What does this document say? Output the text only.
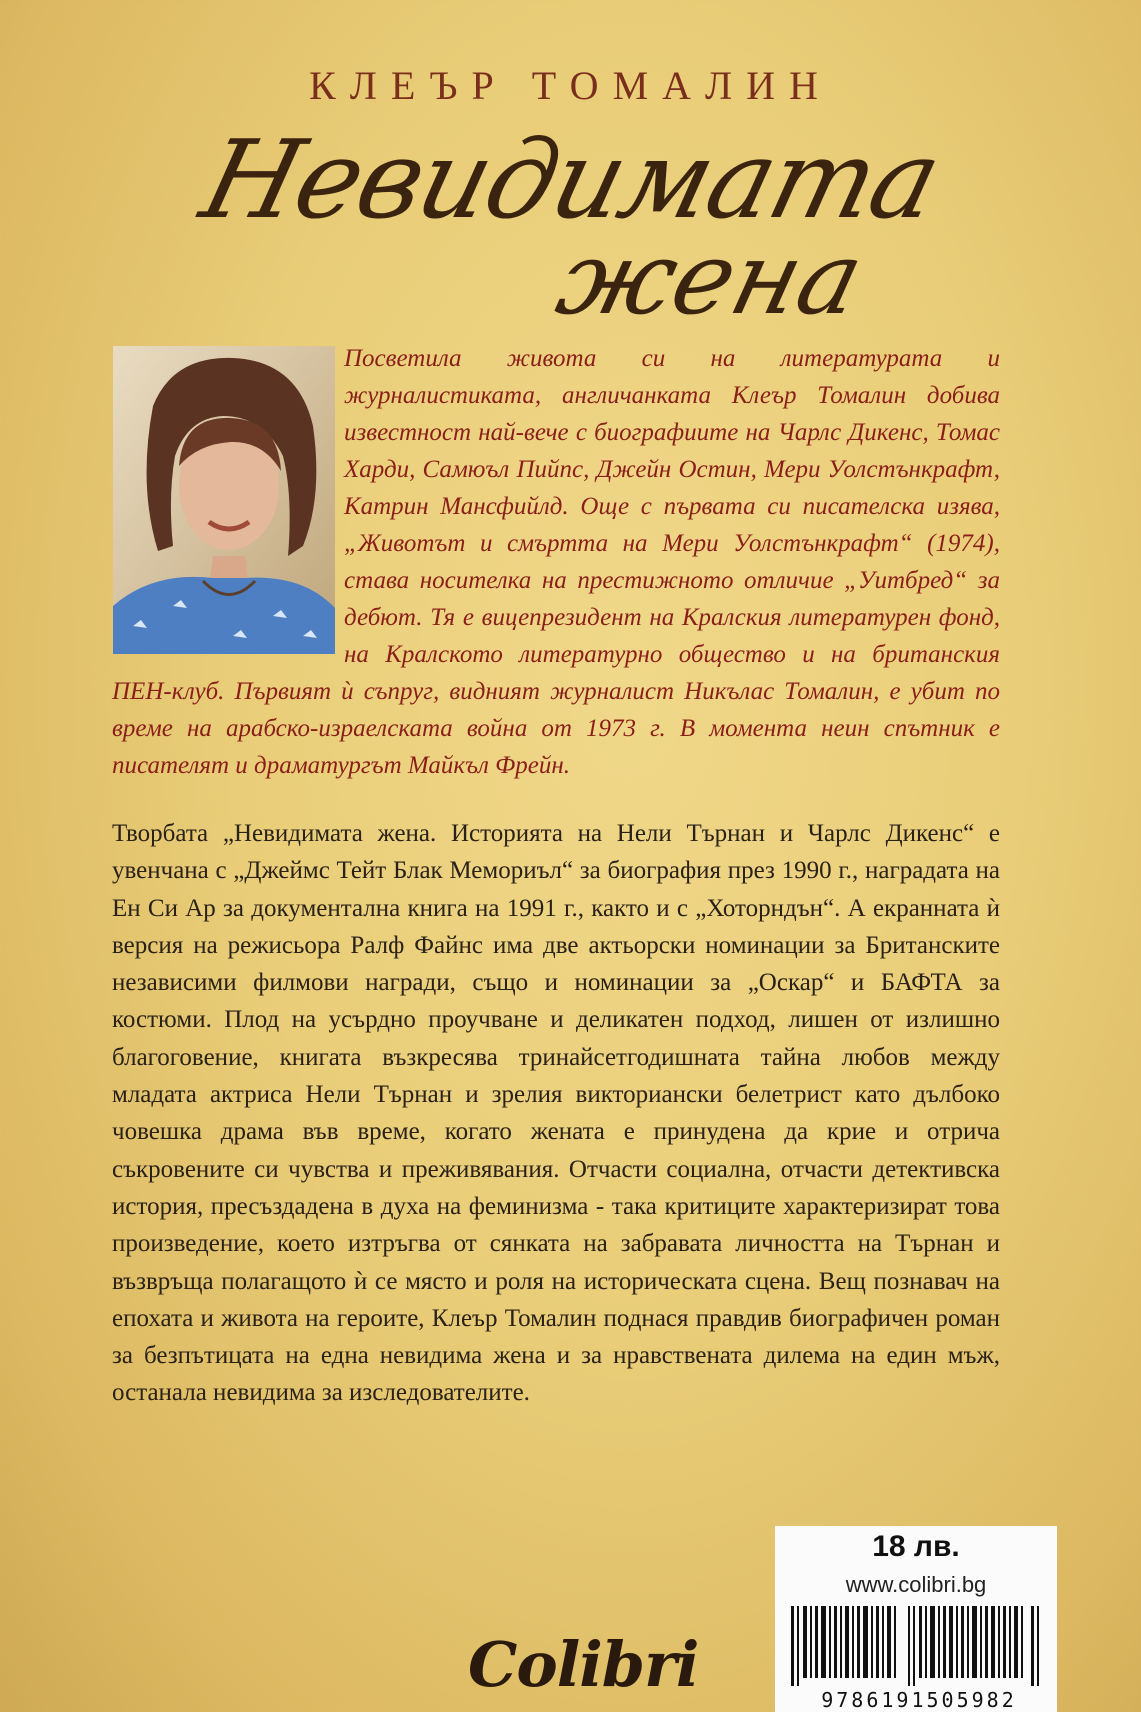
КЛЕЪР ТОМАЛИН
Невидимата
жена
Посветила живота си на литературата и журналистиката, англичанката Клеър Томалин добива известност най-вече с биографиите на Чарлс Дикенс, Томас Харди, Самюъл Пийпс, Джейн Остин, Мери Уолстънкрафт, Катрин Мансфийлд. Още с първата си писателска изява, „Животът и смъртта на Мери Уолстънкрафт“ (1974), става носителка на престижното отличие „Уитбред“ за дебют. Тя е вицепрезидент на Кралския литературен фонд, на Кралското литературно общество и на британския ПЕН-клуб. Първият ѝ съпруг, видният журналист Никълас Томалин, е убит по време на арабско-израелската война от 1973 г. В момента неин спътник е писателят и драматургът Майкъл Фрейн.
Творбата „Невидимата жена. Историята на Нели Търнан и Чарлс Дикенс“ е увенчана с „Джеймс Тейт Блак Мемориъл“ за биография през 1990 г., наградата на Ен Си Ар за документална книга на 1991 г., както и с „Хоторндън“. А екранната ѝ версия на режисьора Ралф Файнс има две актьорски номинации за Британските независими филмови награди, също и номинации за „Оскар“ и БАФТА за костюми. Плод на усърдно проучване и деликатен подход, лишен от излишно благоговение, книгата възкресява тринайсетгодишната тайна любов между младата актриса Нели Търнан и зрелия викториански белетрист като дълбоко човешка драма във време, когато жената е принудена да крие и отрича съкровените си чувства и преживявания. Отчасти социална, отчасти детективска история, пресъздадена в духа на феминизма - така критиците характеризират това произведение, което изтръгва от сянката на забравата личността на Търнан и възвръща полагащото ѝ се място и роля на историческата сцена. Вещ познавач на епохата и живота на героите, Клеър Томалин поднася правдив биографичен роман за безпътицата на една невидима жена и за нравствената дилема на един мъж, останала невидима за изследователите.
18 лв.
www.colibri.bg
9786191505982
Colibri
